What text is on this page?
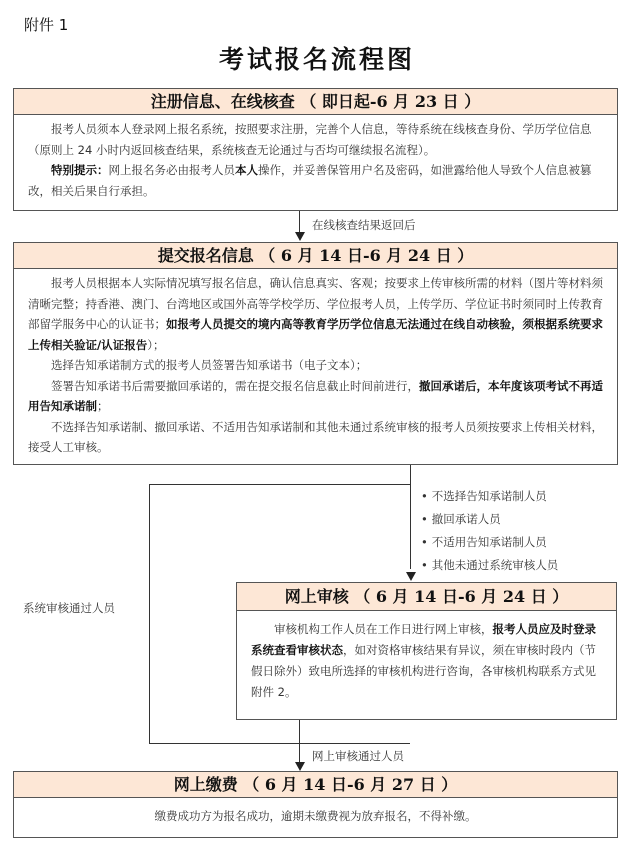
附件 1
考试报名流程图
注册信息、在线核查 （ 即日起-6 月 23 日 ）

报考人员须本人登录网上报名系统，按照要求注册，完善个人信息，等待系统在线核查身份、学历学位信息（原则上 24 小时内返回核查结果，系统核查无论通过与否均可继续报名流程）。

特别提示：网上报名务必由报考人员本人操作，并妥善保管用户名及密码，如泄露给他人导致个人信息被篡改，相关后果自行承担。

在线核查结果返回后
提交报名信息 （ 6 月 14 日-6 月 24 日 ）

报考人员根据本人实际情况填写报名信息，确认信息真实、客观；按要求上传审核所需的材料（图片等材料须清晰完整；持香港、澳门、台湾地区或国外高等学校学历、学位报考人员，上传学历、学位证书时须同时上传教育部留学服务中心的认证书；如报考人员提交的境内高等教育学历学位信息无法通过在线自动核验，须根据系统要求上传相关验证/认证报告）；

选择告知承诺制方式的报考人员签署告知承诺书（电子文本）；

签署告知承诺书后需要撤回承诺的，需在提交报名信息截止时间前进行，撤回承诺后，本年度该项考试不再适用告知承诺制；

不选择告知承诺制、撤回承诺、不适用告知承诺制和其他未通过系统审核的报考人员须按要求上传相关材料，接受人工审核。

系统审核通过人员
• 不选择告知承诺制人员
• 撤回承诺人员
• 不适用告知承诺制人员
• 其他未通过系统审核人员
网上审核 （ 6 月 14 日-6 月 24 日 ）

审核机构工作人员在工作日进行网上审核，报考人员应及时登录系统查看审核状态，如对资格审核结果有异议，须在审核时段内（节假日除外）致电所选择的审核机构进行咨询，各审核机构联系方式见附件 2。

网上审核通过人员
网上缴费 （ 6 月 14 日-6 月 27 日 ）
缴费成功方为报名成功，逾期未缴费视为放弃报名，不得补缴。
